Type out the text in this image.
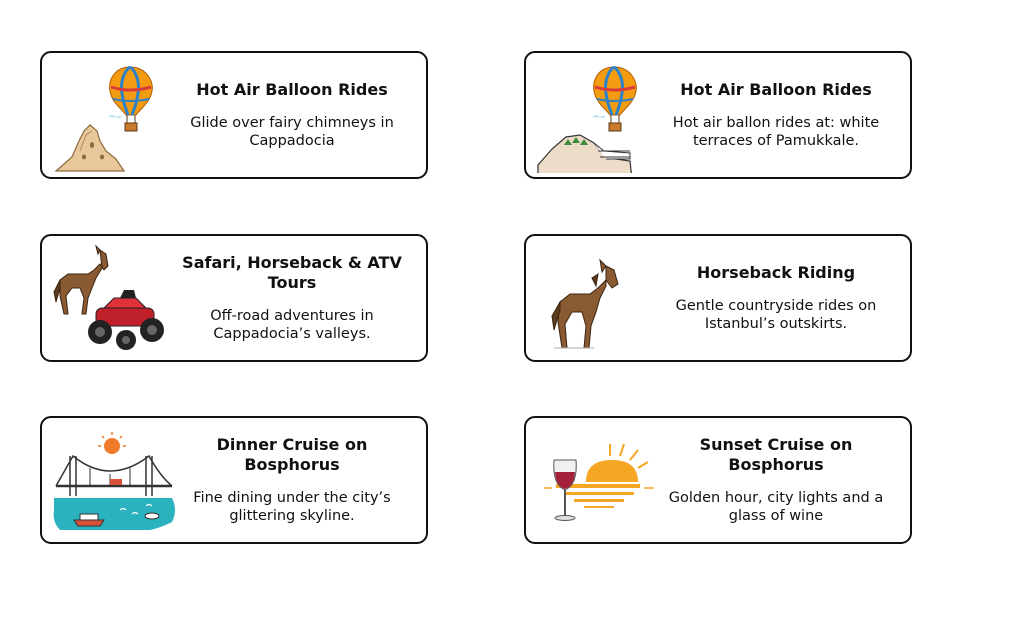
Hot Air Balloon Rides
Glide over fairy chimneys in Cappadocia
Hot Air Balloon Rides
Hot air ballon rides at: white terraces of Pamukkale.
Safari, Horseback & ATV Tours
Off-road adventures in Cappadocia’s valleys.
Horseback Riding
Gentle countryside rides on Istanbul’s outskirts.
Dinner Cruise on Bosphorus
Fine dining under the city’s glittering skyline.
Sunset Cruise on Bosphorus
Golden hour, city lights and a glass of wine
